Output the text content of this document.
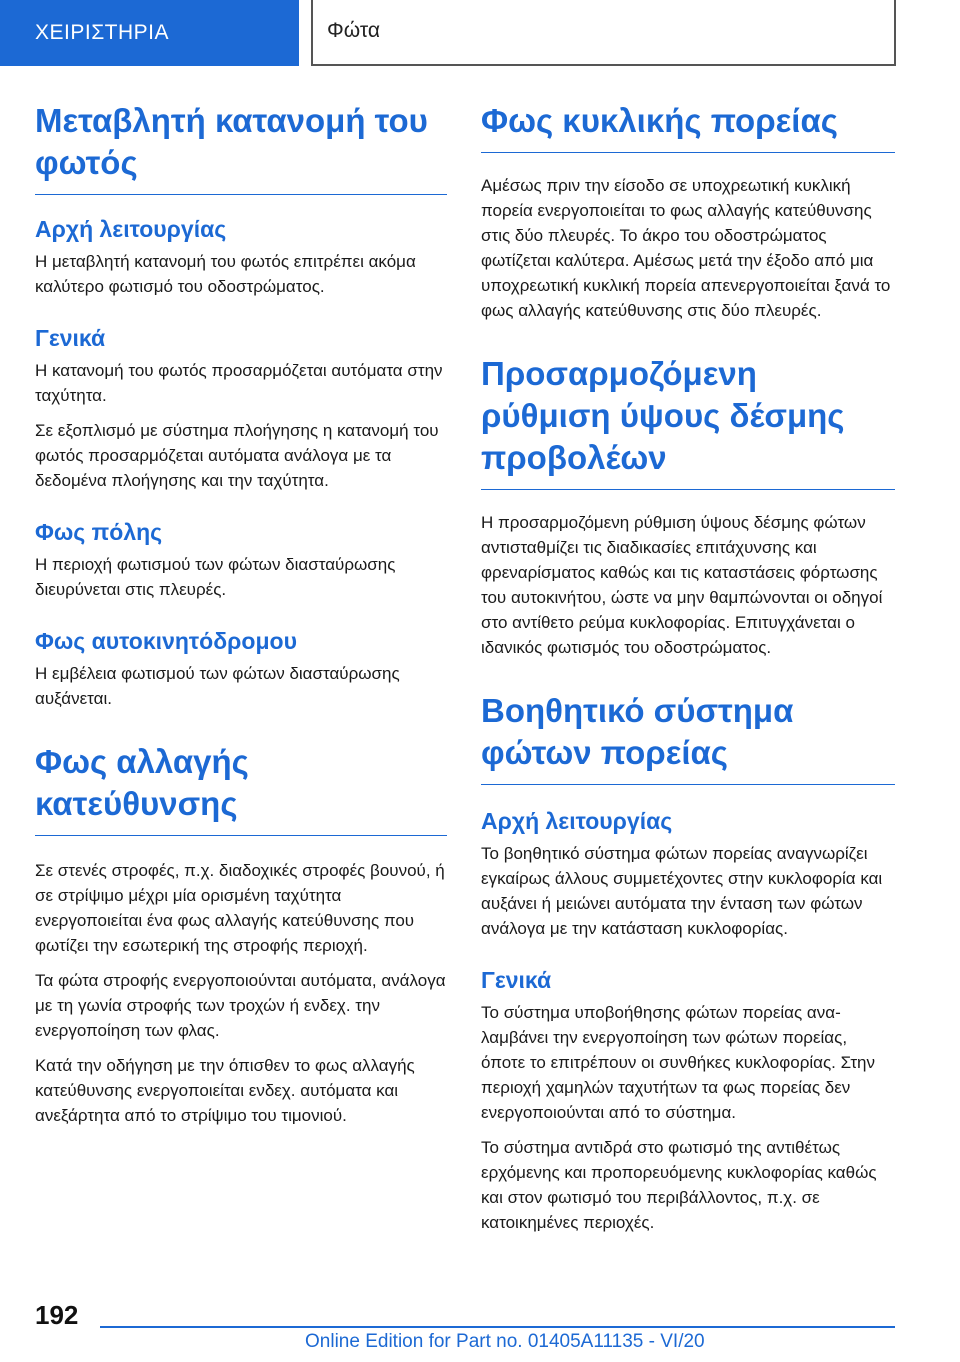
ΧΕΙΡΙΣΤΗΡΙΑ	Φώτα
Μεταβλητή κατανομή του φωτός
Αρχή λειτουργίας

Η μεταβλητή κατανομή του φωτός επιτρέπει ακόμα καλύτερο φωτισμό του οδοστρώματος.

Γενικά

Η κατανομή του φωτός προσαρμόζεται αυτόματα στην ταχύτητα.

Σε εξοπλισμό με σύστημα πλοήγησης η κατανομή του φωτός προσαρμόζεται αυτόματα ανάλογα με τα δεδομένα πλοήγησης και την ταχύτητα.

Φως πόλης

Η περιοχή φωτισμού των φώτων διασταύρωσης διευρύνεται στις πλευρές.

Φως αυτοκινητόδρομου

Η εμβέλεια φωτισμού των φώτων διασταύρωσης αυξάνεται.

Φως αλλαγής κατεύθυνσης

Σε στενές στροφές, π.χ. διαδοχικές στροφές βουνού, ή σε στρίψιμο μέχρι μία ορισμένη ταχύτητα ενεργοποιείται ένα φως αλλαγής κατεύθυνσης που φωτίζει την εσωτερική της στροφής περιοχή.

Τα φώτα στροφής ενεργοποιούνται αυτόματα, ανάλογα με τη γωνία στροφής των τροχών ή ενδεχ. την ενεργοποίηση των φλας.

Κατά την οδήγηση με την όπισθεν το φως αλλαγής κατεύθυνσης ενεργοποιείται ενδεχ. αυτόματα και ανεξάρτητα από το στρίψιμο του τιμονιού.

Φως κυκλικής πορείας

Αμέσως πριν την είσοδο σε υποχρεωτική κυκλική πορεία ενεργοποιείται το φως αλλαγής κατεύθυνσης στις δύο πλευρές. Το άκρο του οδοστρώματος φωτίζεται καλύτερα. Αμέσως μετά την έξοδο από μια υποχρεωτική κυκλική πορεία απενεργοποιείται ξανά το φως αλλαγής κατεύθυνσης στις δύο πλευρές.

Προσαρμοζόμενη ρύθμιση ύψους δέσμης προβολέων

Η προσαρμοζόμενη ρύθμιση ύψους δέσμης φώτων αντισταθμίζει τις διαδικασίες επιτάχυνσης και φρεναρίσματος καθώς και τις καταστάσεις φόρτωσης του αυτοκινήτου, ώστε να μην θαμπώνονται οι οδηγοί στο αντίθετο ρεύμα κυκλοφορίας. Επιτυγχάνεται ο ιδανικός φωτισμός του οδοστρώματος.

Βοηθητικό σύστημα φώτων πορείας
Αρχή λειτουργίας

Το βοηθητικό σύστημα φώτων πορείας αναγνωρίζει εγκαίρως άλλους συμμετέχοντες στην κυκλοφορία και αυξάνει ή μειώνει αυτόματα την ένταση των φώτων ανάλογα με την κατάσταση κυκλοφορίας.

Γενικά

Το σύστημα υποβοήθησης φώτων πορείας αναλαμβάνει την ενεργοποίηση των φώτων πορείας, όποτε το επιτρέπουν οι συνθήκες κυκλοφορίας. Στην περιοχή χαμηλών ταχυτήτων τα φως πορείας δεν ενεργοποιούνται από το σύστημα.

Το σύστημα αντιδρά στο φωτισμό της αντιθέτως ερχόμενης και προπορευόμενης κυκλοφορίας καθώς και στον φωτισμό του περιβάλλοντος, π.χ. σε κατοικημένες περιοχές.

192
Online Edition for Part no. 01405A11135 - VI/20
